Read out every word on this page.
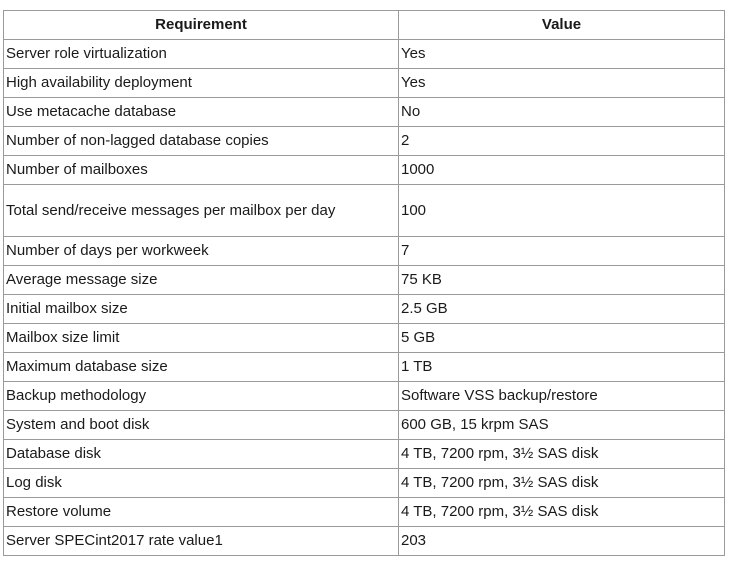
Requirement	Value
Server role virtualization	Yes
High availability deployment	Yes
Use metacache database	No
Number of non-lagged database copies	2
Number of mailboxes	1000
Total send/receive messages per mailbox per day	100
Number of days per workweek	7
Average message size	75 KB
Initial mailbox size	2.5 GB
Mailbox size limit	5 GB
Maximum database size	1 TB
Backup methodology	Software VSS backup/restore
System and boot disk	600 GB, 15 krpm SAS
Database disk	4 TB, 7200 rpm, 3½ SAS disk
Log disk	4 TB, 7200 rpm, 3½ SAS disk
Restore volume	4 TB, 7200 rpm, 3½ SAS disk
Server SPECint2017 rate value1	203
